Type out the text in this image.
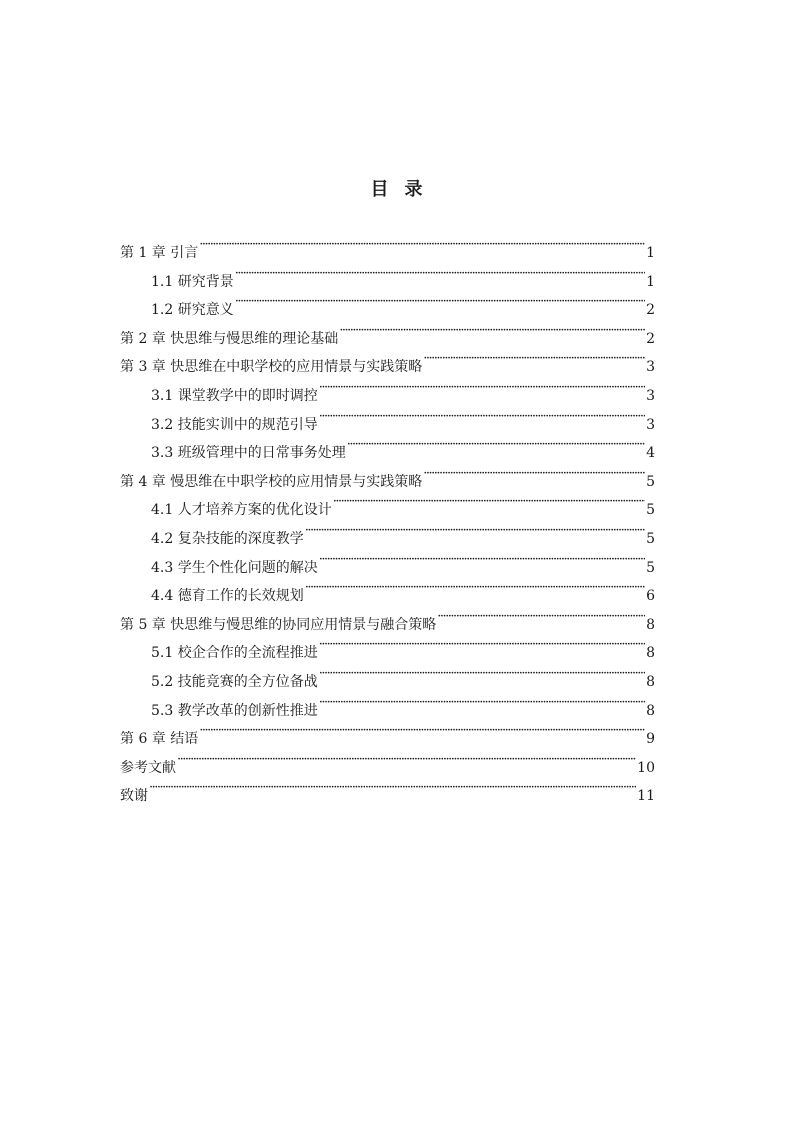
目录
第 1 章 引言 ·····	1
1.1 研究背景 ·····	1
1.2 研究意义 ·····	2
第 2 章 快思维与慢思维的理论基础 ·····	2
第 3 章 快思维在中职学校的应用情景与实践策略 ·····	3
3.1 课堂教学中的即时调控 ·····	3
3.2 技能实训中的规范引导 ·····	3
3.3 班级管理中的日常事务处理 ·····	4
第 4 章 慢思维在中职学校的应用情景与实践策略 ·····	5
4.1 人才培养方案的优化设计 ·····	5
4.2 复杂技能的深度教学 ·····	5
4.3 学生个性化问题的解决 ·····	5
4.4 德育工作的长效规划 ·····	6
第 5 章 快思维与慢思维的协同应用情景与融合策略 ·····	8
5.1 校企合作的全流程推进 ·····	8
5.2 技能竞赛的全方位备战 ·····	8
5.3 教学改革的创新性推进 ·····	8
第 6 章 结语 ·····	9
参考文献 ·····	10
致谢 ·····	11
